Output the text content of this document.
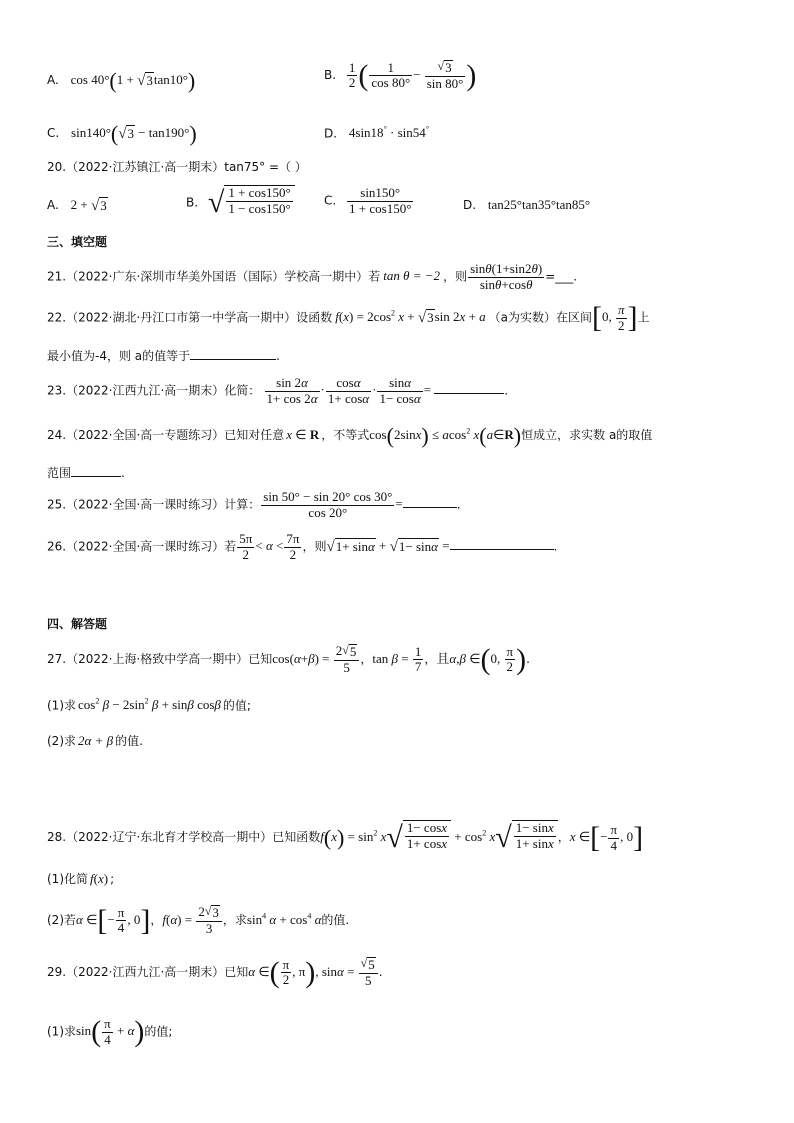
A. cos 40°(1 + √3tan10°)	B. $\frac{1}{2}$ ( $\frac{1}{\cos 80^\circ} - \frac{√3}{\sin 80^\circ}$ )
C. sin140°(√3 − tan190°)	D. 4sin18° · sin54°
20.（2022·江苏镇江·高一期末）tan75° =（ ）
A. 2 + √3	B. √ $\frac{1 + \cos 150^\circ}{1 - \cos 150^\circ}$	C. $\frac{\sin 150^\circ}{1 + \cos 150^\circ}$	D. tan25°tan35°tan85°
三、填空题
21.（2022·广东·深圳市华美外国语（国际）学校高一期中）若 tan θ = −2 ，则 $\frac{\sin\theta(1+\sin 2\theta)}{\sin\theta+\cos\theta}$ =___.
22.（2022·湖北·丹江口市第一中学高一期中）设函数 $f(x) = 2\cos^2$ x + √3sin 2x + a （a为实数）在区间[0, $\frac{\pi}{2}$ ]上
最小值为-4，则 a的值等于	.
23.（2022·江西九江·高一期末）化简： $\frac{\sin 2\alpha}{1+ \cos 2\alpha} \cdot \frac{\cos\alpha}{1+ \cos\alpha} \cdot \frac{\sin\alpha}{1- \cos\alpha}$ =	.
24.（2022·全国·高一专题练习）已知对任意 x ∈ R ，不等式cos(2sinx) ≤ acos$^2$ x(a∈R)恒成立，求实数 a的取值
范围	.
25.（2022·全国·高一课时练习）计算： $\frac{\sin 50^\circ - \sin 20^\circ \cos 30^\circ}{\cos 20^\circ}$ =	.
26.（2022·全国·高一课时练习）若 $\frac{5\pi}{2} < \alpha < \frac{7\pi}{2}$ ，则√1+ sinα + √1− sinα =	.
四、解答题
27.（2022·上海·格致中学高一期中）已知$\cos(\alpha+\beta) = \frac{2√5}{5}$ ，$\tan \beta = \frac{1}{7}$ ，且α,β ∈(0, $\frac{\pi}{2}$ ).
(1)求 $\cos^2 \beta - 2\sin^2$ β + sinβ cosβ 的值;
(2)求 2α + β 的值.
28.（2022·辽宁·东北育才学校高一期中）已知函数$f(x) = \sin^2 x√ \frac{1- \cos x}{1+ \cos x} + \cos^2 x√ \frac{1- \sin x}{1+ \sin x}$ ，x ∈[− $\frac{\pi}{4}$ , 0]
(1)化简 f(x) ;
(2)若α ∈[− $\frac{\pi}{4}$ , 0]，$f(\alpha) = \frac{2√3}{3}$ ，求$\sin^4 \alpha + \cos^4 \alpha$的值.
29.（2022·江西九江·高一期末）已知α ∈( $\frac{\pi}{2}$ , π), $\sin\alpha = \frac{√5}{5}$ .
(1)求$\sin( \frac{\pi}{4} + \alpha)$的值;
